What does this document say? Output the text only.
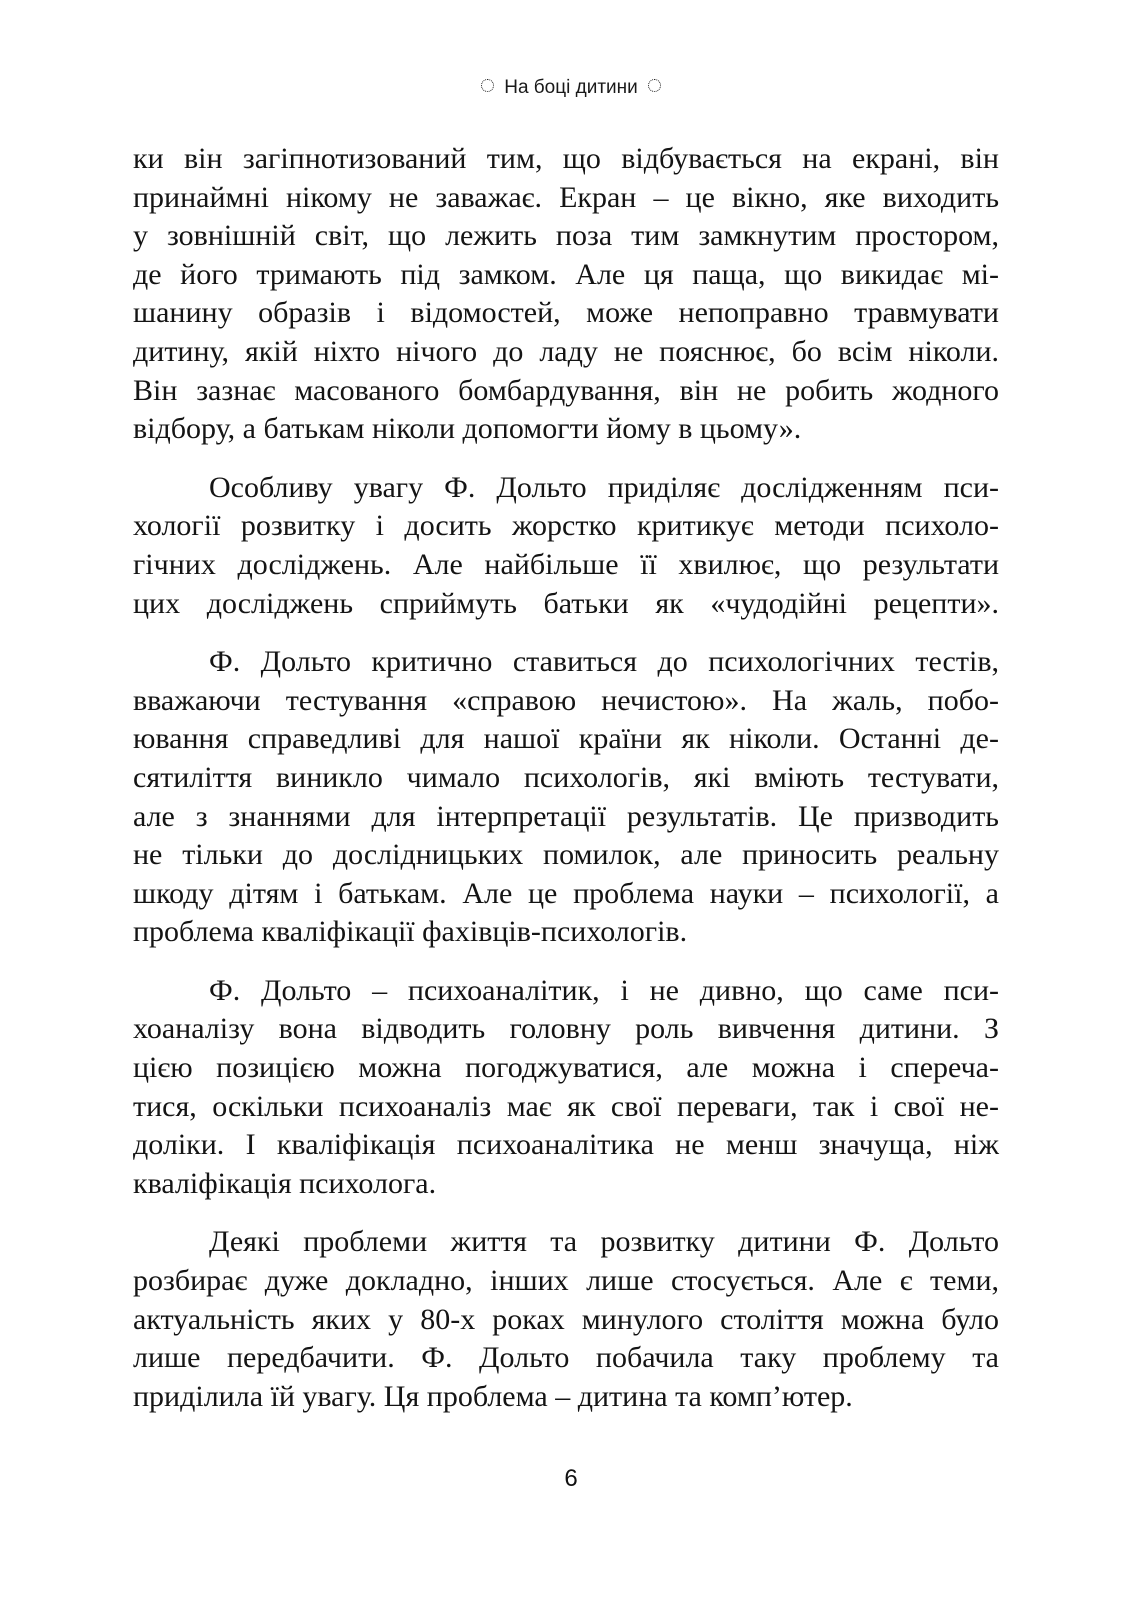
На боці дитини
ки він загіпнотизований тим, що відбувається на екрані, він
принаймні нікому не заважає. Екран – це вікно, яке виходить
у зовнішній світ, що лежить поза тим замкнутим простором,
де його тримають під замком. Але ця паща, що викидає мі-
шанину образів і відомостей, може непоправно травмувати
дитину, якій ніхто нічого до ладу не пояснює, бо всім ніколи.
Він зазнає масованого бомбардування, він не робить жодного
відбору, а батькам ніколи допомогти йому в цьому».
Особливу увагу Ф. Дольто приділяє дослідженням пси-
хології розвитку і досить жорстко критикує методи психоло-
гічних досліджень. Але найбільше її хвилює, що результати
цих досліджень сприймуть батьки як «чудодійні рецепти».
Ф. Дольто критично ставиться до психологічних тестів,
вважаючи тестування «справою нечистою». На жаль, побо-
ювання справедливі для нашої країни як ніколи. Останні де-
сятиліття виникло чимало психологів, які вміють тестувати,
але з знаннями для інтерпретації результатів. Це призводить
не тільки до дослідницьких помилок, але приносить реальну
шкоду дітям і батькам. Але це проблема науки – психології, а
проблема кваліфікації фахівців-психологів.
Ф. Дольто – психоаналітик, і не дивно, що саме пси-
хоаналізу вона відводить головну роль вивчення дитини. З
цією позицією можна погоджуватися, але можна і спереча-
тися, оскільки психоаналіз має як свої переваги, так і свої не-
доліки. І кваліфікація психоаналітика не менш значуща, ніж
кваліфікація психолога.
Деякі проблеми життя та розвитку дитини Ф. Дольто
розбирає дуже докладно, інших лише стосується. Але є теми,
актуальність яких у 80-х роках минулого століття можна було
лише передбачити. Ф. Дольто побачила таку проблему та
приділила їй увагу. Ця проблема – дитина та комп’ютер.
6
